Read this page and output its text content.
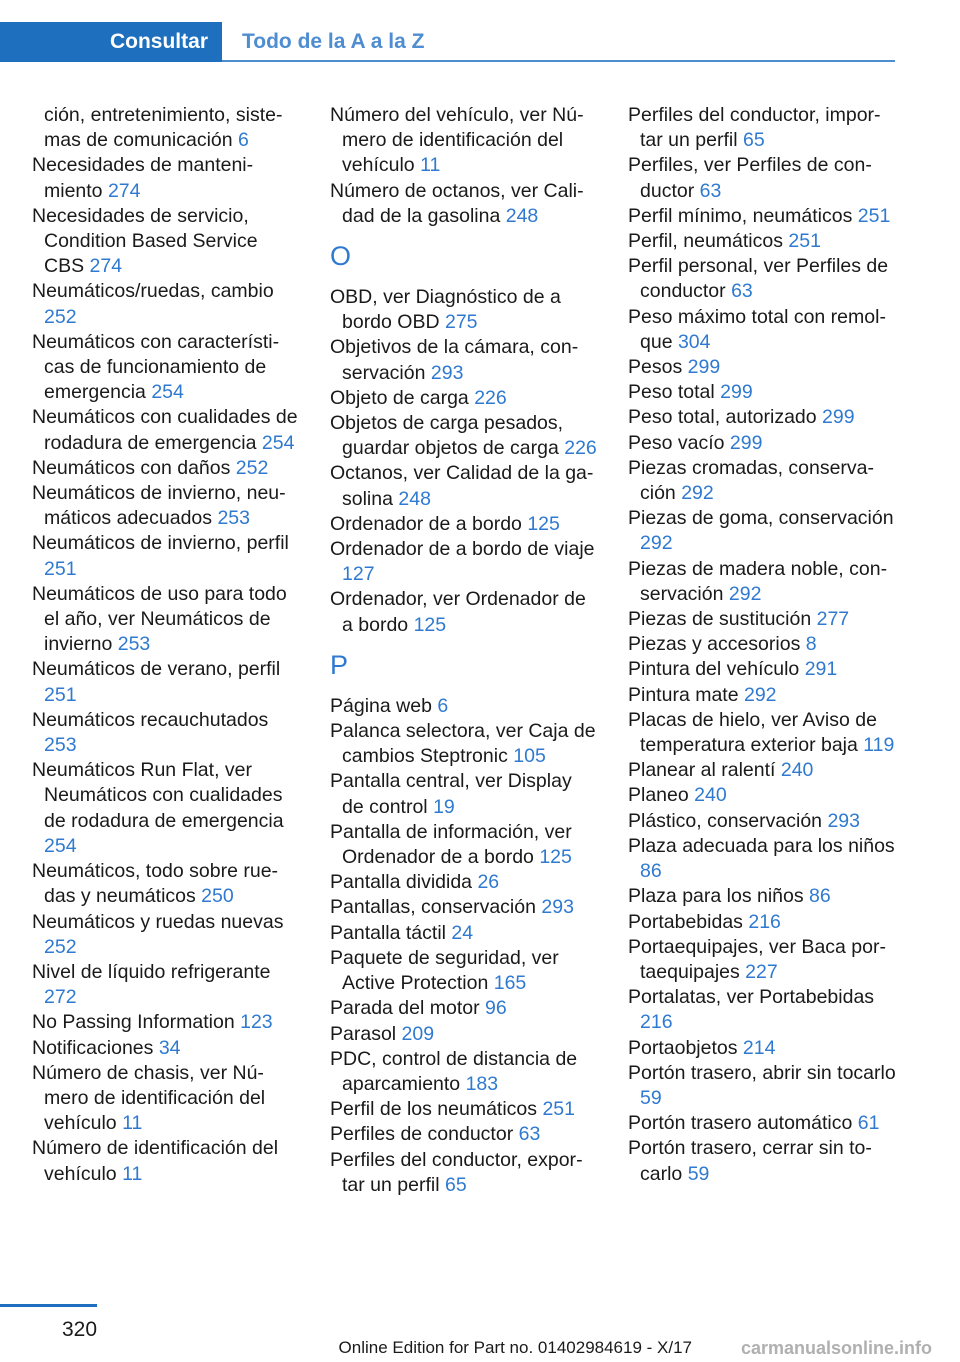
Consultar	Todo de la A a la Z

ción, entretenimiento, sistemas de comunicación 6

Necesidades de mantenimiento 274

Necesidades de servicio, Condition Based Service CBS 274

Neumáticos/ruedas, cambio 252

Neumáticos con características de funcionamiento de emergencia 254

Neumáticos con cualidades de rodadura de emergencia 254

Neumáticos con daños 252

Neumáticos de invierno, neumáticos adecuados 253

Neumáticos de invierno, perfil 251

Neumáticos de uso para todo el año, ver Neumáticos de invierno 253

Neumáticos de verano, perfil 251

Neumáticos recauchutados 253

Neumáticos Run Flat, ver Neumáticos con cualidades de rodadura de emergencia 254

Neumáticos, todo sobre ruedas y neumáticos 250

Neumáticos y ruedas nuevas 252

Nivel de líquido refrigerante 272

No Passing Information 123

Notificaciones 34

Número de chasis, ver Número de identificación del vehículo 11

Número de identificación del vehículo 11

Número del vehículo, ver Número de identificación del vehículo 11

Número de octanos, ver Calidad de la gasolina 248

O

OBD, ver Diagnóstico de a bordo OBD 275

Objetivos de la cámara, conservación 293

Objeto de carga 226

Objetos de carga pesados, guardar objetos de carga 226

Octanos, ver Calidad de la gasolina 248

Ordenador de a bordo 125

Ordenador de a bordo de viaje 127

Ordenador, ver Ordenador de a bordo 125

P

Página web 6

Palanca selectora, ver Caja de cambios Steptronic 105

Pantalla central, ver Display de control 19

Pantalla de información, ver Ordenador de a bordo 125

Pantalla dividida 26

Pantallas, conservación 293

Pantalla táctil 24

Paquete de seguridad, ver Active Protection 165

Parada del motor 96

Parasol 209

PDC, control de distancia de aparcamiento 183

Perfil de los neumáticos 251

Perfiles de conductor 63

Perfiles del conductor, exportar un perfil 65

Perfiles del conductor, importar un perfil 65

Perfiles, ver Perfiles de conductor 63

Perfil mínimo, neumáticos 251

Perfil, neumáticos 251

Perfil personal, ver Perfiles de conductor 63

Peso máximo total con remolque 304

Pesos 299

Peso total 299

Peso total, autorizado 299

Peso vacío 299

Piezas cromadas, conservación 292

Piezas de goma, conservación 292

Piezas de madera noble, conservación 292

Piezas de sustitución 277

Piezas y accesorios 8

Pintura del vehículo 291

Pintura mate 292

Placas de hielo, ver Aviso de temperatura exterior baja 119

Planear al ralentí 240

Planeo 240

Plástico, conservación 293

Plaza adecuada para los niños 86

Plaza para los niños 86

Portabebidas 216

Portaequipajes, ver Baca portaequipajes 227

Portalatas, ver Portabebidas 216

Portaobjetos 214

Portón trasero, abrir sin tocarlo 59

Portón trasero automático 61

Portón trasero, cerrar sin tocarlo 59

320
Online Edition for Part no. 01402984619 - X/17	carmanualsonline.info
